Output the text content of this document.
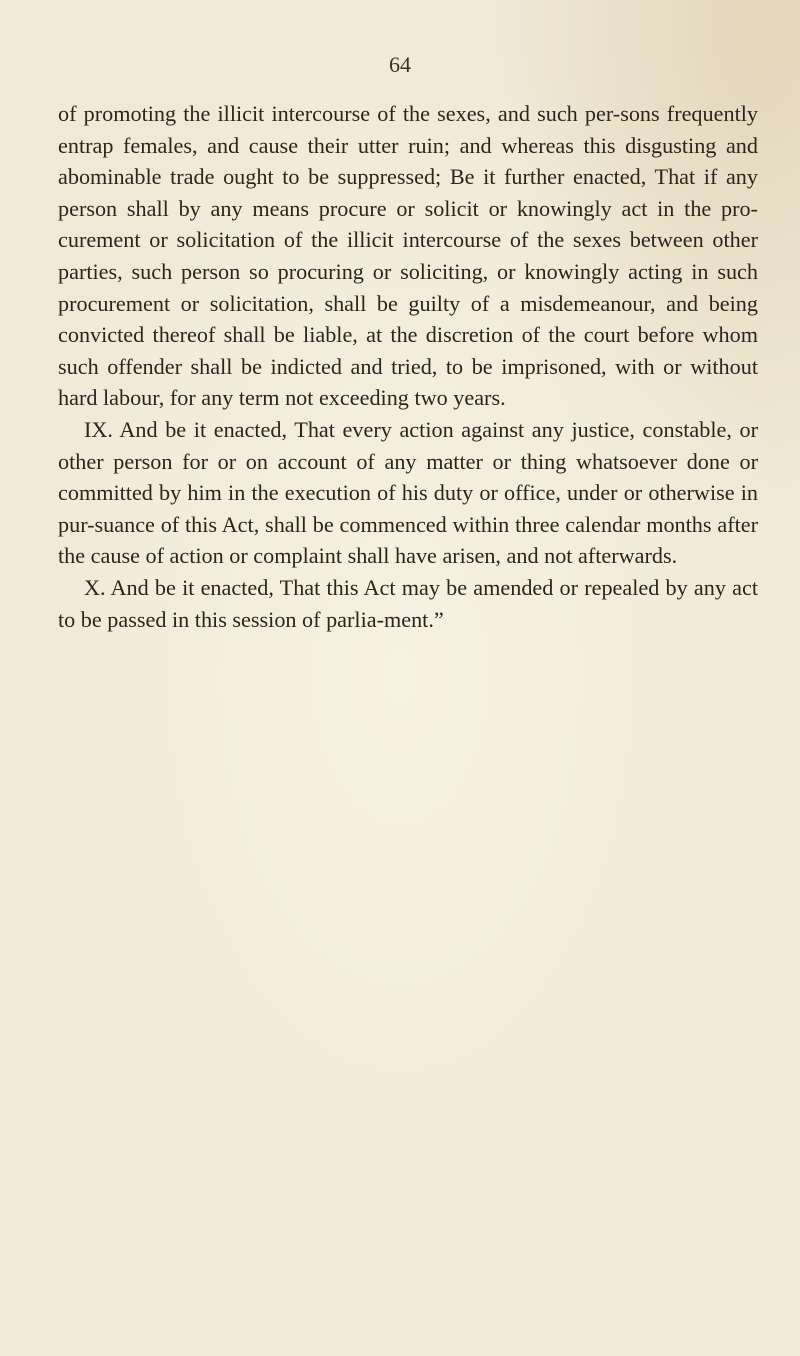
64

of promoting the illicit intercourse of the sexes, and such per-sons frequently entrap females, and cause their utter ruin; and whereas this disgusting and abominable trade ought to be suppressed; Be it further enacted, That if any person shall by any means procure or solicit or knowingly act in the pro-curement or solicitation of the illicit intercourse of the sexes between other parties, such person so procuring or soliciting, or knowingly acting in such procurement or solicitation, shall be guilty of a misdemeanour, and being convicted thereof shall be liable, at the discretion of the court before whom such offender shall be indicted and tried, to be imprisoned, with or without hard labour, for any term not exceeding two years.

IX. And be it enacted, That every action against any justice, constable, or other person for or on account of any matter or thing whatsoever done or committed by him in the execution of his duty or office, under or otherwise in pur-suance of this Act, shall be commenced within three calendar months after the cause of action or complaint shall have arisen, and not afterwards.

X. And be it enacted, That this Act may be amended or repealed by any act to be passed in this session of parlia-ment.”
